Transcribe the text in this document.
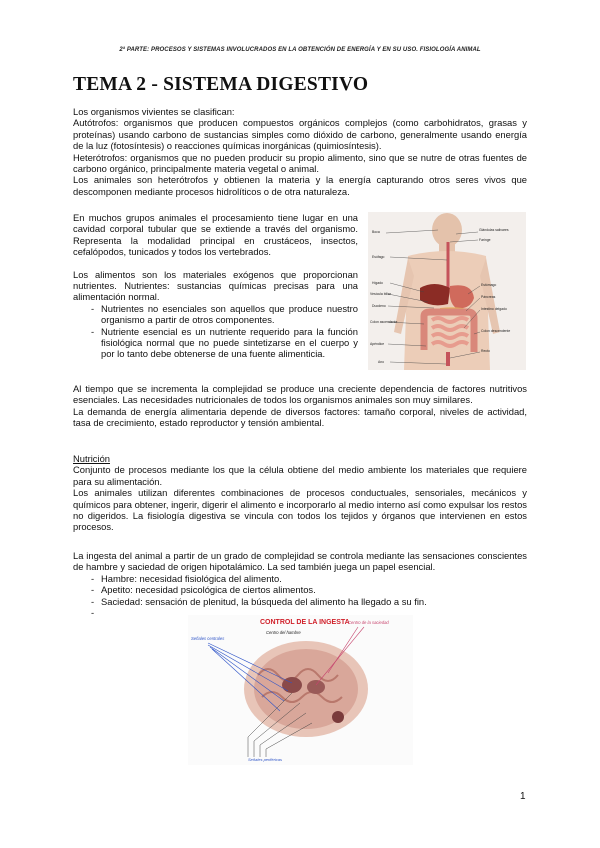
2ª PARTE: PROCESOS Y SISTEMAS INVOLUCRADOS EN LA OBTENCIÓN DE ENERGÍA Y EN SU USO. FISIOLOGÍA ANIMAL
TEMA 2 - SISTEMA DIGESTIVO

Los organismos vivientes se clasifican:

Autótrofos: organismos que producen compuestos orgánicos complejos (como carbohidratos, grasas y proteínas) usando carbono de sustancias simples como dióxido de carbono, generalmente usando energía de la luz (fotosíntesis) o reacciones químicas inorgánicas (quimiosíntesis).

Heterótrofos: organismos que no pueden producir su propio alimento, sino que se nutre de otras fuentes de carbono orgánico, principalmente materia vegetal o animal.

Los animales son heterótrofos y obtienen la materia y la energía capturando otros seres vivos que descomponen mediante procesos hidrolíticos o de otra naturaleza.

En muchos grupos animales el procesamiento tiene lugar en una cavidad corporal tubular que se extiende a través del organismo. Representa la modalidad principal en crustáceos, insectos, cefalópodos, tunicados y todos los vertebrados.

Los alimentos son los materiales exógenos que proporcionan nutrientes. Nutrientes: sustancias químicas precisas para una alimentación normal.

- Nutrientes no esenciales son aquellos que produce nuestro organismo a partir de otros componentes.
- Nutriente esencial es un nutriente requerido para la función fisiológica normal que no puede sintetizarse en el cuerpo y por lo tanto debe obtenerse de una fuente alimenticia.
Boca	Glándulas salivares
Faringe
Esófago
Hígado
Vesícula biliar
Duodeno
Colon ascendente
Apéndice
Ano
Estómago
Páncreas
Intestino delgado
Colon descendente
Recto

Al tiempo que se incrementa la complejidad se produce una creciente dependencia de factores nutritivos esenciales. Las necesidades nutricionales de todos los organismos animales son muy similares.

La demanda de energía alimentaria depende de diversos factores: tamaño corporal, niveles de actividad, tasa de crecimiento, estado reproductor y tensión ambiental.

Nutrición

Conjunto de procesos mediante los que la célula obtiene del medio ambiente los materiales que requiere para su alimentación.

Los animales utilizan diferentes combinaciones de procesos conductuales, sensoriales, mecánicos y químicos para obtener, ingerir, digerir el alimento e incorporarlo al medio interno así como expulsar los restos no digeridos. La fisiología digestiva se vincula con todos los tejidos y órganos que intervienen en estos procesos.

La ingesta del animal a partir de un grado de complejidad se controla mediante las sensaciones conscientes de hambre y saciedad de origen hipotalámico. La sed también juega un papel esencial.

- Hambre: necesidad fisiológica del alimento.
- Apetito: necesidad psicológica de ciertos alimentos.
- Saciedad: sensación de plenitud, la búsqueda del alimento ha llegado a su fin.
-
CONTROL DE LA INGESTA
Centro de la saciedad
Señales centrales
Centro del hambre
Señales periféricas
1
